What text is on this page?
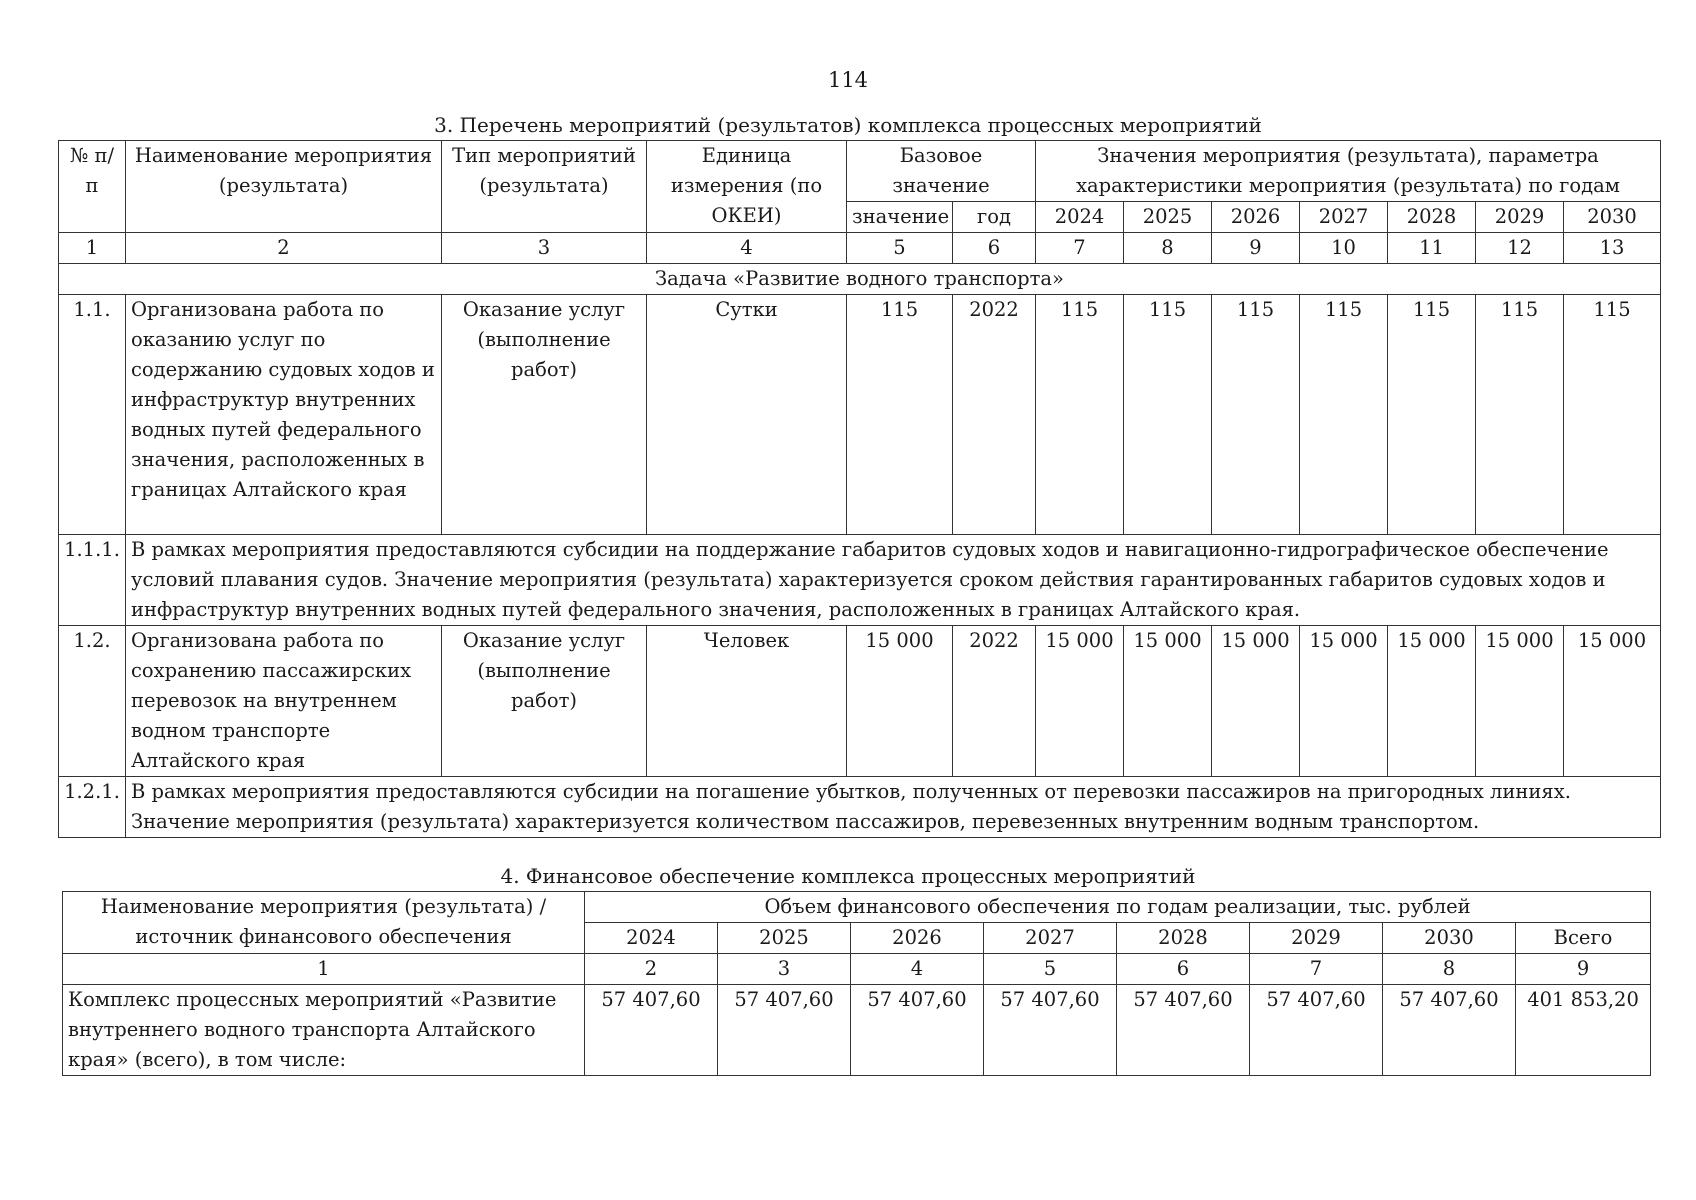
114
3. Перечень мероприятий (результатов) комплекса процессных мероприятий
№ п/п	Наименование мероприятия (результата)	Тип мероприятий (результата)	Единица измерения (по ОКЕИ)	Базовое значение		Значения мероприятия (результата), параметра характеристики мероприятия (результата) по годам						

				значение	год	2024	2025	2026	2027	2028	2029	2030
1	2	3	4	5	6	7	8	9	10	11	12	13
Задача «Развитие водного транспорта»												
1.1.	Организована работа по оказанию услуг по содержанию судовых ходов и инфраструктур внутренних водных путей федерального значения, расположенных в границах Алтайского края	Оказание услуг (выполнение работ)	Сутки	115	2022	115	115	115	115	115	115	115
1.1.1.	В рамках мероприятия предоставляются субсидии на поддержание габаритов судовых ходов и навигационно-гидрографическое обеспечение условий плавания судов. Значение мероприятия (результата) характеризуется сроком действия гарантированных габаритов судовых ходов и инфраструктур внутренних водных путей федерального значения, расположенных в границах Алтайского края.											
1.2.	Организована работа по сохранению пассажирских перевозок на внутреннем водном транспорте Алтайского края	Оказание услуг (выполнение работ)	Человек	15 000	2022	15 000	15 000	15 000	15 000	15 000	15 000	15 000
1.2.1.	В рамках мероприятия предоставляются субсидии на погашение убытков, полученных от перевозки пассажиров на пригородных линиях. Значение мероприятия (результата) характеризуется количеством пассажиров, перевезенных внутренним водным транспортом.											
4. Финансовое обеспечение комплекса процессных мероприятий
Наименование мероприятия (результата) / источник финансового обеспечения	Объем финансового обеспечения по годам реализации, тыс. рублей							
	2024	2025	2026	2027	2028	2029	2030	Всего
1	2	3	4	5	6	7	8	9
Комплекс процессных мероприятий «Развитие внутреннего водного транспорта Алтайского края» (всего), в том числе:	57 407,60	57 407,60	57 407,60	57 407,60	57 407,60	57 407,60	57 407,60	401 853,20
